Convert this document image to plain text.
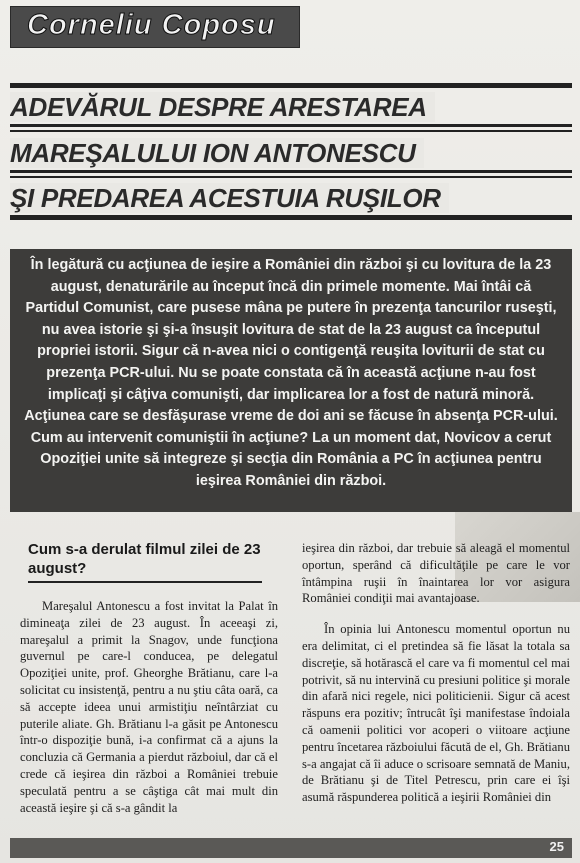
Corneliu Coposu
ADEVĂRUL DESPRE ARESTAREA
MAREŞALULUI ION ANTONESCU
ŞI PREDAREA ACESTUIA RUŞILOR
În legătură cu acţiunea de ieşire a României din război şi cu lovitura de la 23 august, denaturările au început încă din primele momente. Mai întâi că Partidul Comunist, care pusese mâna pe putere în prezenţa tancurilor ruseşti, nu avea istorie şi şi-a însuşit lovitura de stat de la 23 august ca începutul propriei istorii. Sigur că n-avea nici o contigenţă reuşita loviturii de stat cu prezenţa PCR-ului. Nu se poate constata că în această acţiune n-au fost implicaţi şi câţiva comunişti, dar implicarea lor a fost de natură minoră. Acţiunea care se desfăşurase vreme de doi ani se făcuse în absenţa PCR-ului. Cum au intervenit comuniştii în acţiune? La un moment dat, Novicov a cerut Opoziţiei unite să integreze şi secţia din România a PC în acţiunea pentru ieşirea României din război.
Cum s-a derulat filmul zilei de 23 august?

Mareşalul Antonescu a fost invitat la Palat în dimineaţa zilei de 23 august. În aceeaşi zi, mareşalul a primit la Snagov, unde funcţiona guvernul pe care-l conducea, pe delegatul Opoziţiei unite, prof. Gheorghe Brătianu, care l-a solicitat cu insistenţă, pentru a nu ştiu câta oară, ca să accepte ideea unui armistiţiu neîntârziat cu puterile aliate. Gh. Brătianu l-a găsit pe Antonescu într-o dispoziţie bună, i-a confirmat că a ajuns la concluzia că Germania a pierdut războiul, dar că el crede că ieşirea din război a României trebuie speculată pentru a se câştiga cât mai mult din această ieşire şi că s-a gândit la

ieşirea din război, dar trebuie să aleagă el momentul oportun, sperând că dificultăţile pe care le vor întâmpina ruşii în înaintarea lor vor asigura României condiţii mai avantajoase.

În opinia lui Antonescu momentul oportun nu era delimitat, ci el pretindea să fie lăsat la totala sa discreţie, să hotărască el care va fi momentul cel mai potrivit, să nu intervină cu presiuni politice şi morale din afară nici regele, nici politicienii. Sigur că acest răspuns era pozitiv; întrucât îşi manifestase îndoiala că oamenii politici vor acoperi o viitoare acţiune pentru încetarea războiului făcută de el, Gh. Brătianu s-a angajat că îi aduce o scrisoare semnată de Maniu, de Brătianu şi de Titel Petrescu, prin care ei îşi asumă răspunderea politică a ieşirii României din

25
